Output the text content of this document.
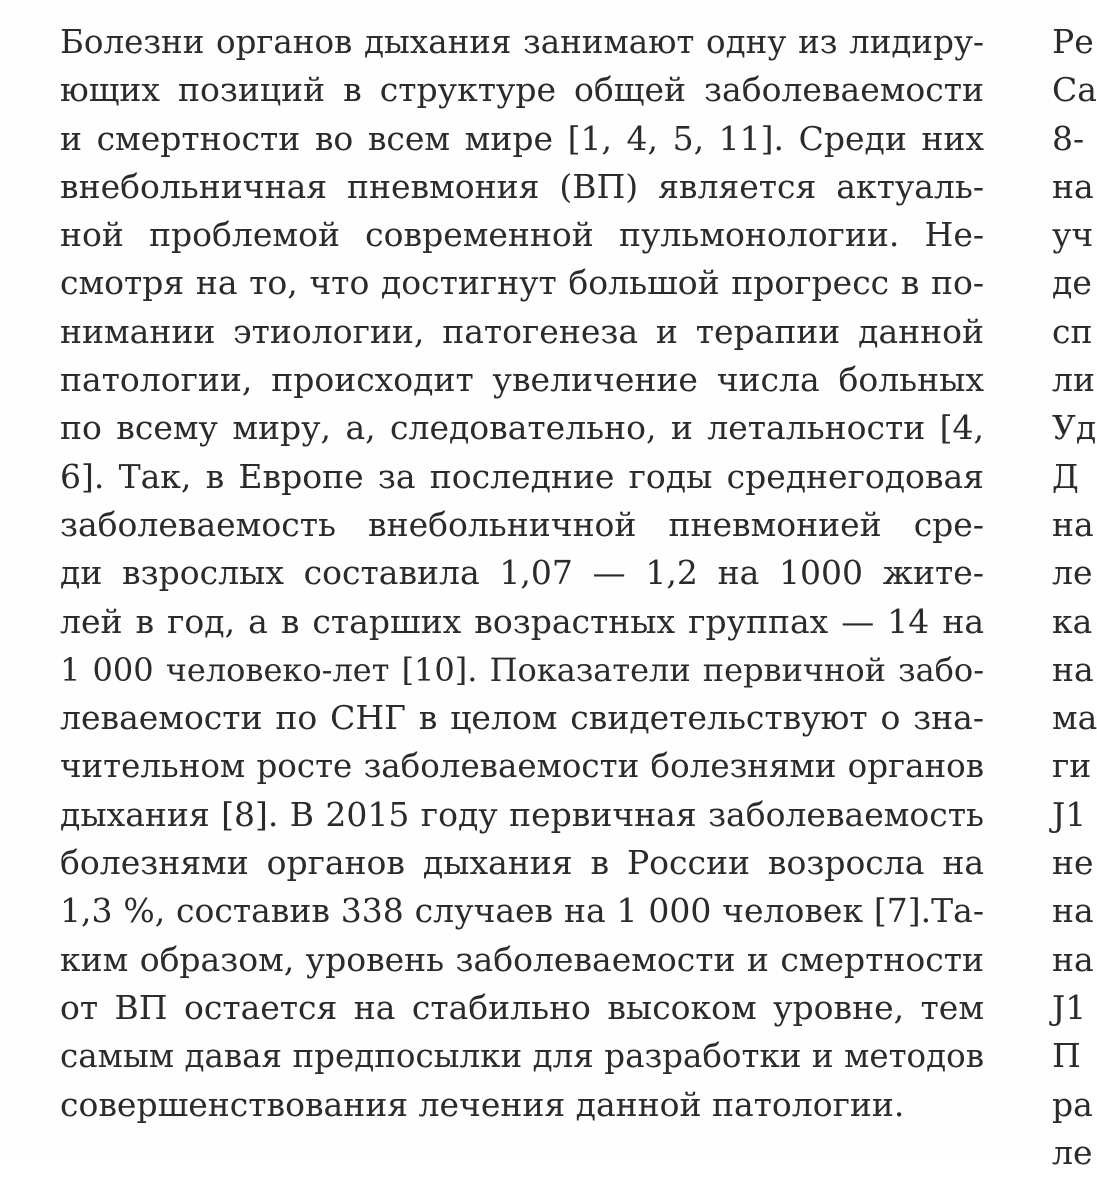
Болезни органов дыхания занимают одну из лидиру-
ющих позиций в структуре общей заболеваемости
и смертности во всем мире [1, 4, 5, 11]. Среди них
внебольничная пневмония (ВП) является актуаль-
ной проблемой современной пульмонологии. Не-
смотря на то, что достигнут большой прогресс в по-
нимании этиологии, патогенеза и терапии данной
патологии, происходит увеличение числа больных
по всему миру, а, следовательно, и летальности [4,
6]. Так, в Европе за последние годы среднегодовая
заболеваемость внебольничной пневмонией сре-
ди взрослых составила 1,07 — 1,2 на 1000 жите-
лей в год, а в старших возрастных группах — 14 на
1 000 человеко-лет [10]. Показатели первичной забо-
леваемости по СНГ в целом свидетельствуют о зна-
чительном росте заболеваемости болезнями органов
дыхания [8]. В 2015 году первичная заболеваемость
болезнями органов дыхания в России возросла на
1,3 %, составив 338 случаев на 1 000 человек [7].Та-
ким образом, уровень заболеваемости и смертности
от ВП остается на стабильно высоком уровне, тем
самым давая предпосылки для разработки и методов
совершенствования лечения данной патологии.
Ре
Са
8-
на
уч
де
сп
ли
Уд
Д
на
ле
ка
на
ма
ги
J1
не
на
на
J1
П
ра
ле
